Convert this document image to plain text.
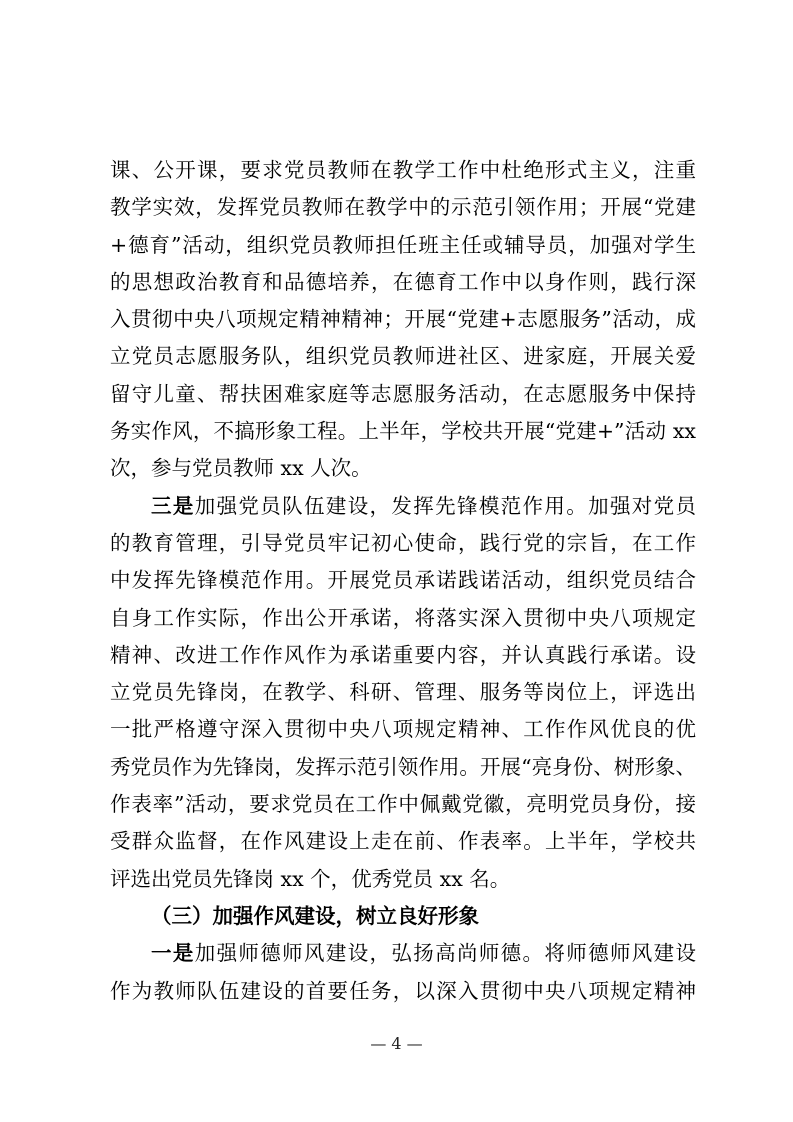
课、公开课，要求党员教师在教学工作中杜绝形式主义，注重
教学实效，发挥党员教师在教学中的示范引领作用；开展“党建
+德育”活动，组织党员教师担任班主任或辅导员，加强对学生
的思想政治教育和品德培养，在德育工作中以身作则，践行深
入贯彻中央八项规定精神精神；开展“党建+志愿服务”活动，成
立党员志愿服务队，组织党员教师进社区、进家庭，开展关爱
留守儿童、帮扶困难家庭等志愿服务活动，在志愿服务中保持
务实作风，不搞形象工程。上半年，学校共开展“党建+”活动 xx
次，参与党员教师 xx 人次。
三是加强党员队伍建设，发挥先锋模范作用。加强对党员
的教育管理，引导党员牢记初心使命，践行党的宗旨，在工作
中发挥先锋模范作用。开展党员承诺践诺活动，组织党员结合
自身工作实际，作出公开承诺，将落实深入贯彻中央八项规定
精神、改进工作作风作为承诺重要内容，并认真践行承诺。设
立党员先锋岗，在教学、科研、管理、服务等岗位上，评选出
一批严格遵守深入贯彻中央八项规定精神、工作作风优良的优
秀党员作为先锋岗，发挥示范引领作用。开展“亮身份、树形象、
作表率”活动，要求党员在工作中佩戴党徽，亮明党员身份，接
受群众监督，在作风建设上走在前、作表率。上半年，学校共
评选出党员先锋岗 xx 个，优秀党员 xx 名。
（三）加强作风建设，树立良好形象
一是加强师德师风建设，弘扬高尚师德。将师德师风建设
作为教师队伍建设的首要任务，以深入贯彻中央八项规定精神
— 4 —
